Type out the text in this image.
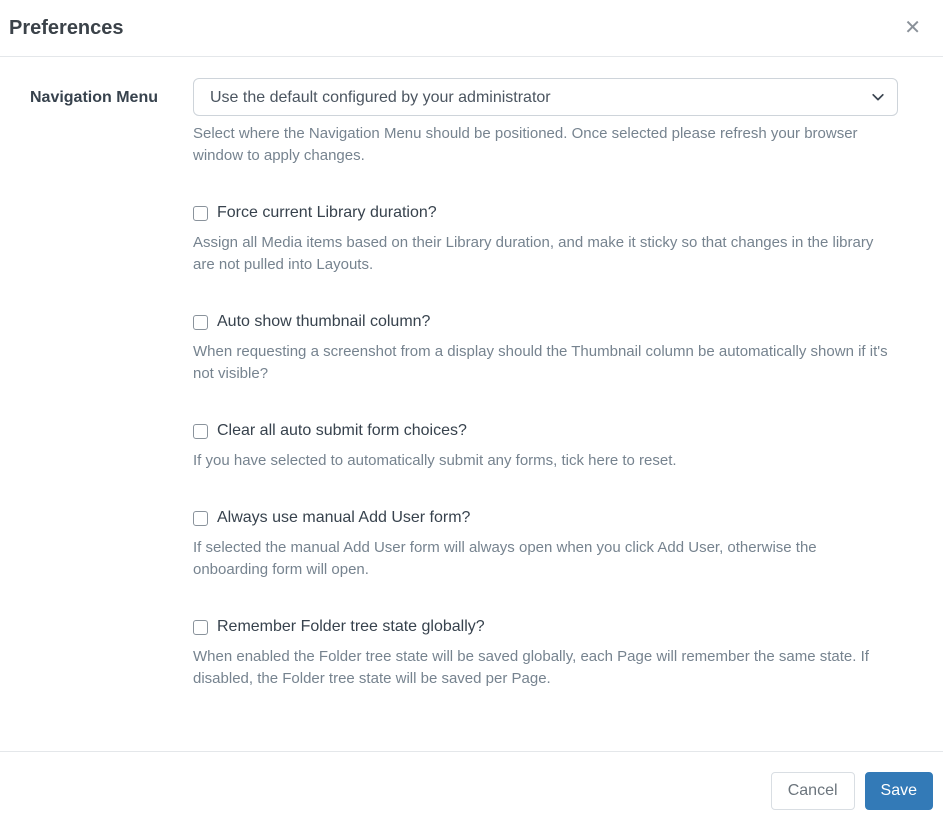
Preferences	✕
Navigation Menu
Use the default configured by your administrator

Select where the Navigation Menu should be positioned. Once selected please refresh your browser window to apply changes.

Force current Library duration?

Assign all Media items based on their Library duration, and make it sticky so that changes in the library are not pulled into Layouts.

Auto show thumbnail column?

When requesting a screenshot from a display should the Thumbnail column be automatically shown if it's not visible?

Clear all auto submit form choices?

If you have selected to automatically submit any forms, tick here to reset.

Always use manual Add User form?

If selected the manual Add User form will always open when you click Add User, otherwise the onboarding form will open.

Remember Folder tree state globally?

When enabled the Folder tree state will be saved globally, each Page will remember the same state. If disabled, the Folder tree state will be saved per Page.

Cancel	Save
